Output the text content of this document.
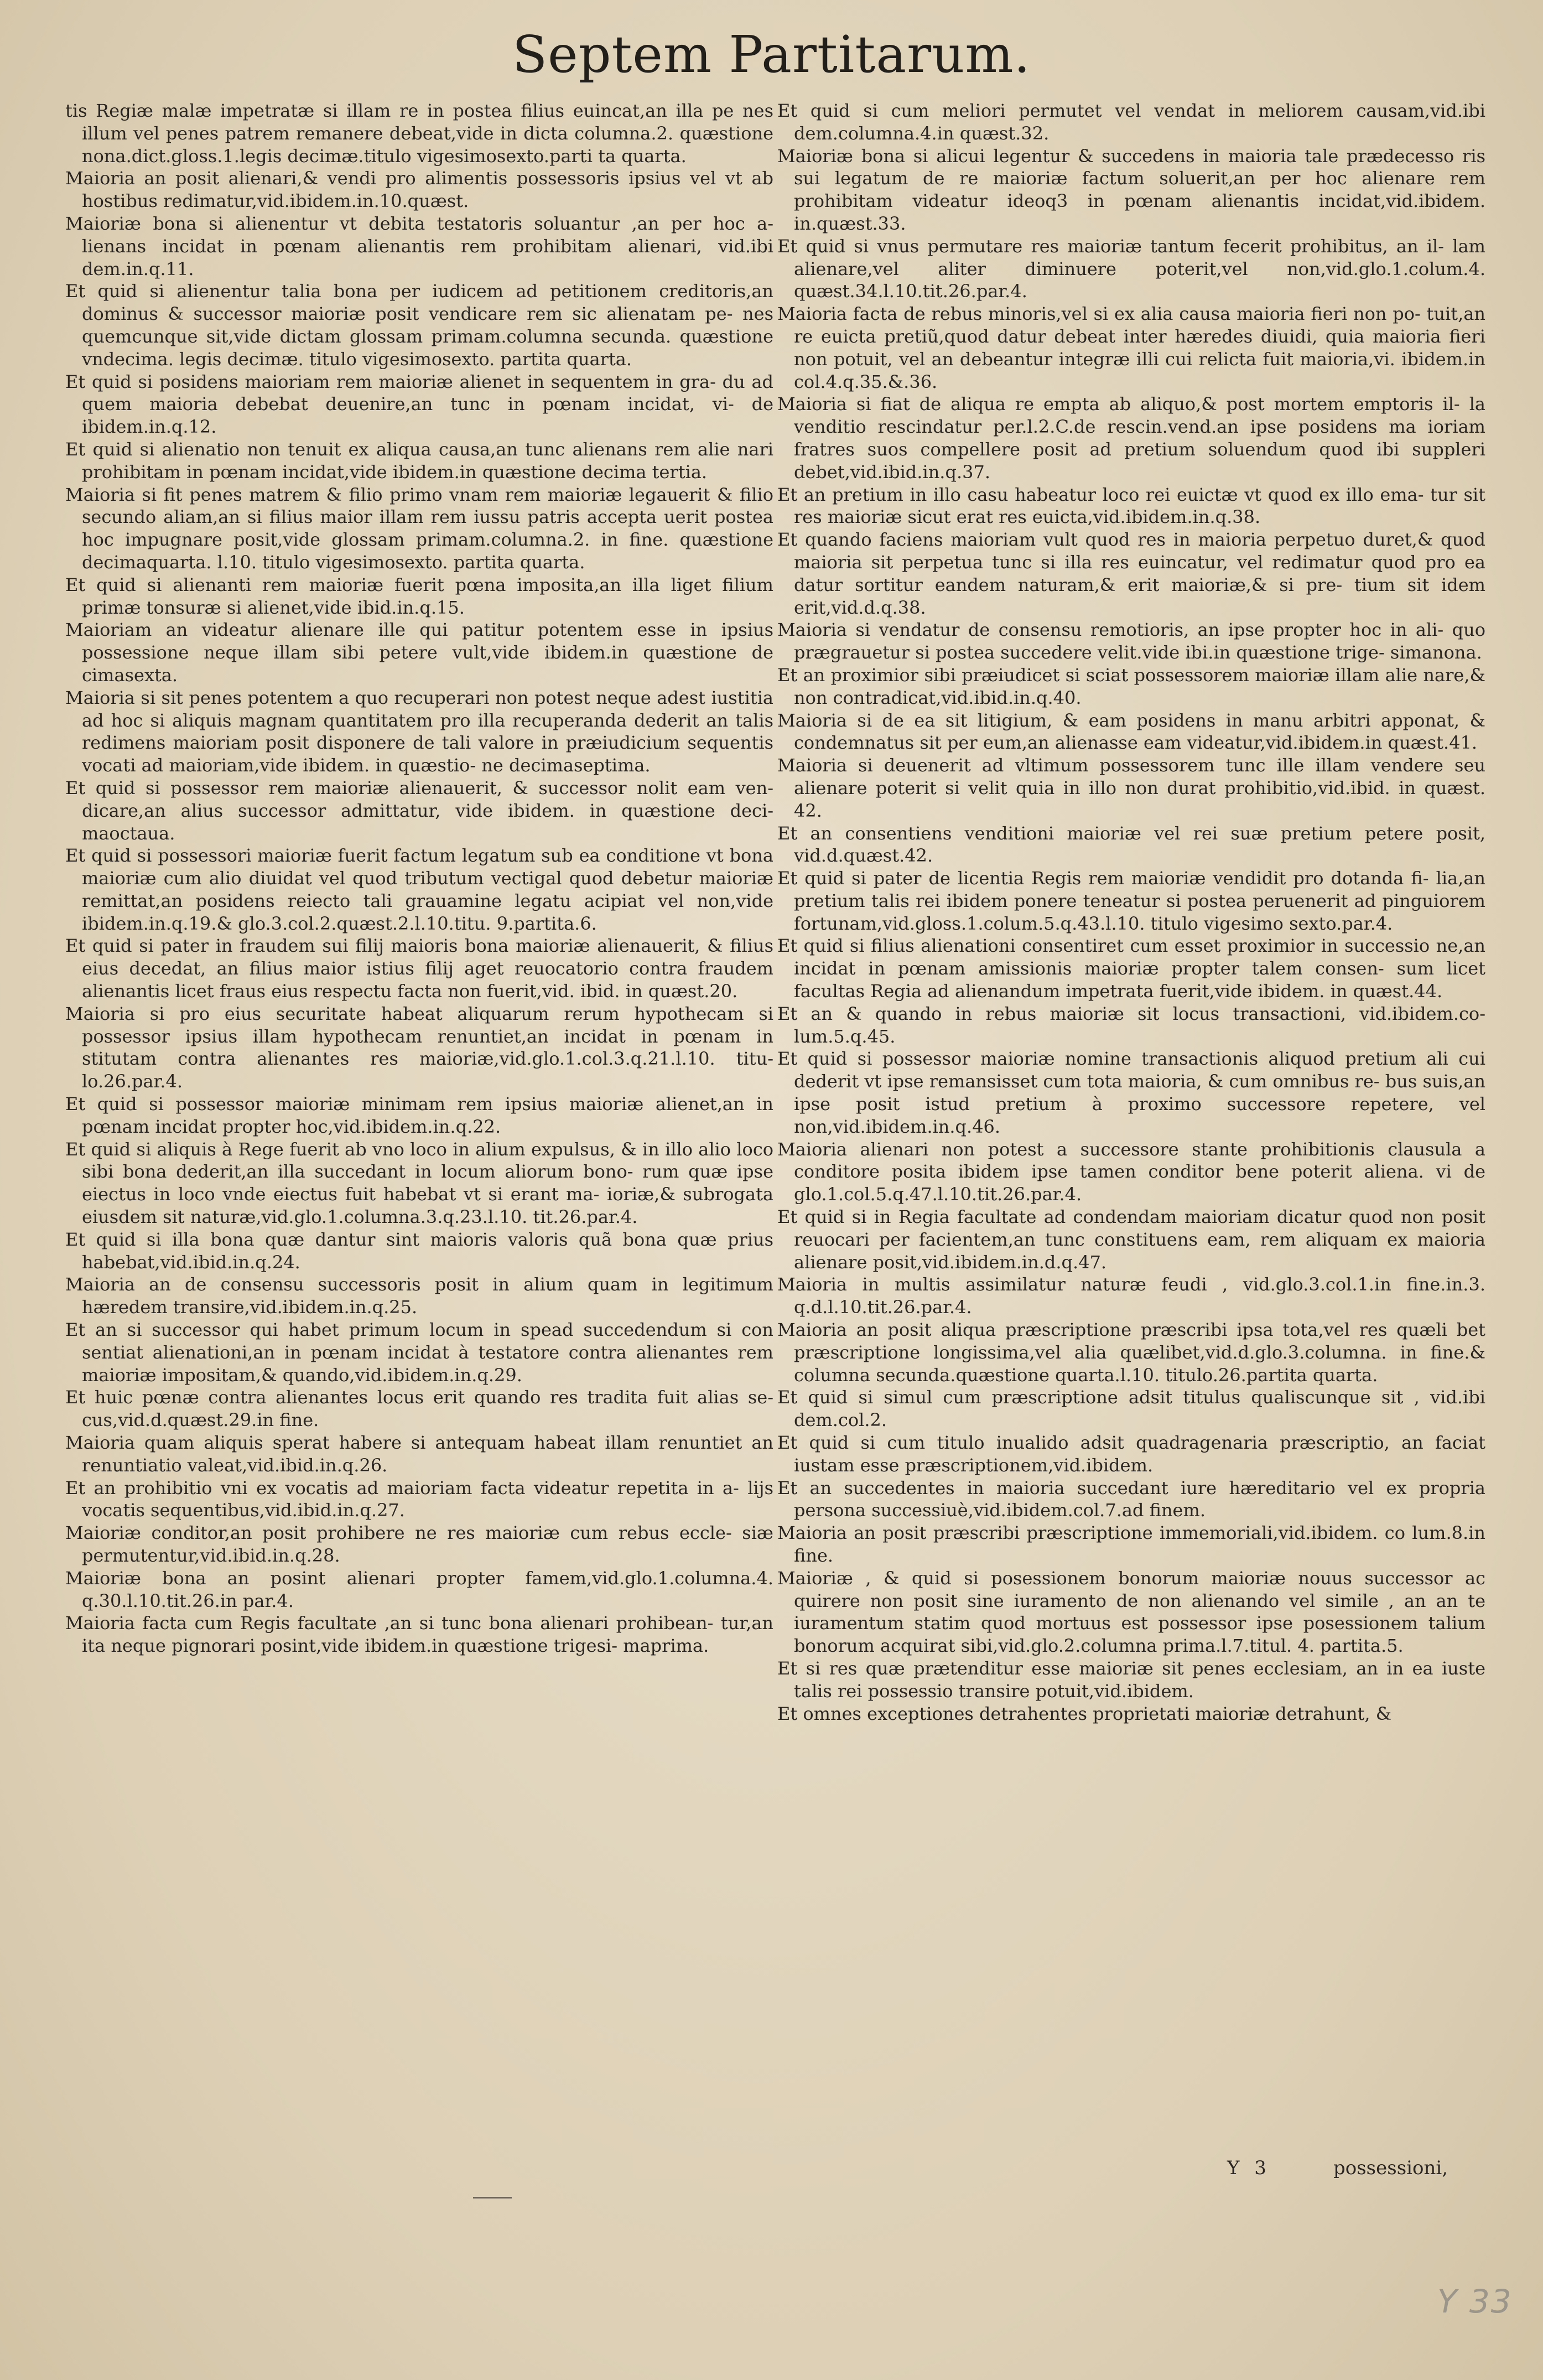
Septem Partitarum.

tis Regiæ malæ impetratæ si illam re in postea filius euincat,an illa pe nes illum vel penes patrem remanere debeat,vide in dicta columna.2. quæstione nona.dict.gloss.1.legis decimæ.titulo vigesimosexto.parti ta quarta.

Maioria an posit alienari,& vendi pro alimentis possessoris ipsius vel vt ab hostibus redimatur,vid.ibidem.in.10.quæst.

Maioriæ bona si alienentur vt debita testatoris soluantur ,an per hoc a- lienans incidat in pœnam alienantis rem prohibitam alienari, vid.ibi dem.in.q.11.

Et quid si alienentur talia bona per iudicem ad petitionem creditoris,an dominus & successor maioriæ posit vendicare rem sic alienatam pe- nes quemcunque sit,vide dictam glossam primam.columna secunda. quæstione vndecima. legis decimæ. titulo vigesimosexto. partita quarta.

Et quid si posidens maioriam rem maioriæ alienet in sequentem in gra- du ad quem maioria debebat deuenire,an tunc in pœnam incidat, vi- de ibidem.in.q.12.

Et quid si alienatio non tenuit ex aliqua causa,an tunc alienans rem alie nari prohibitam in pœnam incidat,vide ibidem.in quæstione decima tertia.

Maioria si fit penes matrem & filio primo vnam rem maioriæ legauerit & filio secundo aliam,an si filius maior illam rem iussu patris accepta uerit postea hoc impugnare posit,vide glossam primam.columna.2. in fine. quæstione decimaquarta. l.10. titulo vigesimosexto. partita quarta.

Et quid si alienanti rem maioriæ fuerit pœna imposita,an illa liget filium primæ tonsuræ si alienet,vide ibid.in.q.15.

Maioriam an videatur alienare ille qui patitur potentem esse in ipsius possessione neque illam sibi petere vult,vide ibidem.in quæstione de cimasexta.

Maioria si sit penes potentem a quo recuperari non potest neque adest iustitia ad hoc si aliquis magnam quantitatem pro illa recuperanda dederit an talis redimens maioriam posit disponere de tali valore in præiudicium sequentis vocati ad maioriam,vide ibidem. in quæstio- ne decimaseptima.

Et quid si possessor rem maioriæ alienauerit, & successor nolit eam ven- dicare,an alius successor admittatur, vide ibidem. in quæstione deci- maoctaua.

Et quid si possessori maioriæ fuerit factum legatum sub ea conditione vt bona maioriæ cum alio diuidat vel quod tributum vectigal quod debetur maioriæ remittat,an posidens reiecto tali grauamine legatu acipiat vel non,vide ibidem.in.q.19.& glo.3.col.2.quæst.2.l.10.titu. 9.partita.6.

Et quid si pater in fraudem sui filij maioris bona maioriæ alienauerit, & filius eius decedat, an filius maior istius filij aget reuocatorio contra fraudem alienantis licet fraus eius respectu facta non fuerit,vid. ibid. in quæst.20.

Maioria si pro eius securitate habeat aliquarum rerum hypothecam si possessor ipsius illam hypothecam renuntiet,an incidat in pœnam in stitutam contra alienantes res maioriæ,vid.glo.1.col.3.q.21.l.10. titu- lo.26.par.4.

Et quid si possessor maioriæ minimam rem ipsius maioriæ alienet,an in pœnam incidat propter hoc,vid.ibidem.in.q.22.

Et quid si aliquis à Rege fuerit ab vno loco in alium expulsus, & in illo alio loco sibi bona dederit,an illa succedant in locum aliorum bono- rum quæ ipse eiectus in loco vnde eiectus fuit habebat vt si erant ma- ioriæ,& subrogata eiusdem sit naturæ,vid.glo.1.columna.3.q.23.l.10. tit.26.par.4.

Et quid si illa bona quæ dantur sint maioris valoris quã bona quæ prius habebat,vid.ibid.in.q.24.

Maioria an de consensu successoris posit in alium quam in legitimum hæredem transire,vid.ibidem.in.q.25.

Et an si successor qui habet primum locum in spead succedendum si con sentiat alienationi,an in pœnam incidat à testatore contra alienantes rem maioriæ impositam,& quando,vid.ibidem.in.q.29.

Et huic pœnæ contra alienantes locus erit quando res tradita fuit alias se- cus,vid.d.quæst.29.in fine.

Maioria quam aliquis sperat habere si antequam habeat illam renuntiet an renuntiatio valeat,vid.ibid.in.q.26.

Et an prohibitio vni ex vocatis ad maioriam facta videatur repetita in a- lijs vocatis sequentibus,vid.ibid.in.q.27.

Maioriæ conditor,an posit prohibere ne res maioriæ cum rebus eccle- siæ permutentur,vid.ibid.in.q.28.

Maioriæ bona an posint alienari propter famem,vid.glo.1.columna.4. q.30.l.10.tit.26.in par.4.

Maioria facta cum Regis facultate ,an si tunc bona alienari prohibean- tur,an ita neque pignorari posint,vide ibidem.in quæstione trigesi- maprima.

Et quid si cum meliori permutet vel vendat in meliorem causam,vid.ibi dem.columna.4.in quæst.32.

Maioriæ bona si alicui legentur & succedens in maioria tale prædecesso ris sui legatum de re maioriæ factum soluerit,an per hoc alienare rem prohibitam videatur ideoq3 in pœnam alienantis incidat,vid.ibidem. in.quæst.33.

Et quid si vnus permutare res maioriæ tantum fecerit prohibitus, an il- lam alienare,vel aliter diminuere poterit,vel non,vid.glo.1.colum.4. quæst.34.l.10.tit.26.par.4.

Maioria facta de rebus minoris,vel si ex alia causa maioria fieri non po- tuit,an re euicta pretiũ,quod datur debeat inter hæredes diuidi, quia maioria fieri non potuit, vel an debeantur integræ illi cui relicta fuit maioria,vi. ibidem.in col.4.q.35.&.36.

Maioria si fiat de aliqua re empta ab aliquo,& post mortem emptoris il- la venditio rescindatur per.l.2.C.de rescin.vend.an ipse posidens ma ioriam fratres suos compellere posit ad pretium soluendum quod ibi suppleri debet,vid.ibid.in.q.37.

Et an pretium in illo casu habeatur loco rei euictæ vt quod ex illo ema- tur sit res maioriæ sicut erat res euicta,vid.ibidem.in.q.38.

Et quando faciens maioriam vult quod res in maioria perpetuo duret,& quod maioria sit perpetua tunc si illa res euincatur, vel redimatur quod pro ea datur sortitur eandem naturam,& erit maioriæ,& si pre- tium sit idem erit,vid.d.q.38.

Maioria si vendatur de consensu remotioris, an ipse propter hoc in ali- quo prægrauetur si postea succedere velit.vide ibi.in quæstione trige- simanona.

Et an proximior sibi præiudicet si sciat possessorem maioriæ illam alie nare,& non contradicat,vid.ibid.in.q.40.

Maioria si de ea sit litigium, & eam posidens in manu arbitri apponat, & condemnatus sit per eum,an alienasse eam videatur,vid.ibidem.in quæst.41.

Maioria si deuenerit ad vltimum possessorem tunc ille illam vendere seu alienare poterit si velit quia in illo non durat prohibitio,vid.ibid. in quæst. 42.

Et an consentiens venditioni maioriæ vel rei suæ pretium petere posit, vid.d.quæst.42.

Et quid si pater de licentia Regis rem maioriæ vendidit pro dotanda fi- lia,an pretium talis rei ibidem ponere teneatur si postea peruenerit ad pinguiorem fortunam,vid.gloss.1.colum.5.q.43.l.10. titulo vigesimo sexto.par.4.

Et quid si filius alienationi consentiret cum esset proximior in successio ne,an incidat in pœnam amissionis maioriæ propter talem consen- sum licet facultas Regia ad alienandum impetrata fuerit,vide ibidem. in quæst.44.

Et an & quando in rebus maioriæ sit locus transactioni, vid.ibidem.co- lum.5.q.45.

Et quid si possessor maioriæ nomine transactionis aliquod pretium ali cui dederit vt ipse remansisset cum tota maioria, & cum omnibus re- bus suis,an ipse posit istud pretium à proximo successore repetere, vel non,vid.ibidem.in.q.46.

Maioria alienari non potest a successore stante prohibitionis clausula a conditore posita ibidem ipse tamen conditor bene poterit aliena. vi de glo.1.col.5.q.47.l.10.tit.26.par.4.

Et quid si in Regia facultate ad condendam maioriam dicatur quod non posit reuocari per facientem,an tunc constituens eam, rem aliquam ex maioria alienare posit,vid.ibidem.in.d.q.47.

Maioria in multis assimilatur naturæ feudi , vid.glo.3.col.1.in fine.in.3. q.d.l.10.tit.26.par.4.

Maioria an posit aliqua præscriptione præscribi ipsa tota,vel res quæli bet præscriptione longissima,vel alia quælibet,vid.d.glo.3.columna. in fine.& columna secunda.quæstione quarta.l.10. titulo.26.partita quarta.

Et quid si simul cum præscriptione adsit titulus qualiscunque sit , vid.ibi dem.col.2.

Et quid si cum titulo inualido adsit quadragenaria præscriptio, an faciat iustam esse præscriptionem,vid.ibidem.

Et an succedentes in maioria succedant iure hæreditario vel ex propria persona successiuè,vid.ibidem.col.7.ad finem.

Maioria an posit præscribi præscriptione immemoriali,vid.ibidem. co lum.8.in fine.

Maioriæ , & quid si posessionem bonorum maioriæ nouus successor ac quirere non posit sine iuramento de non alienando vel simile , an an te iuramentum statim quod mortuus est possessor ipse posessionem talium bonorum acquirat sibi,vid.glo.2.columna prima.l.7.titul. 4. partita.5.

Et si res quæ prætenditur esse maioriæ sit penes ecclesiam, an in ea iuste talis rei possessio transire potuit,vid.ibidem.

Et omnes exceptiones detrahentes proprietati maioriæ detrahunt, &

Y 3	possessioni,
Y 33
